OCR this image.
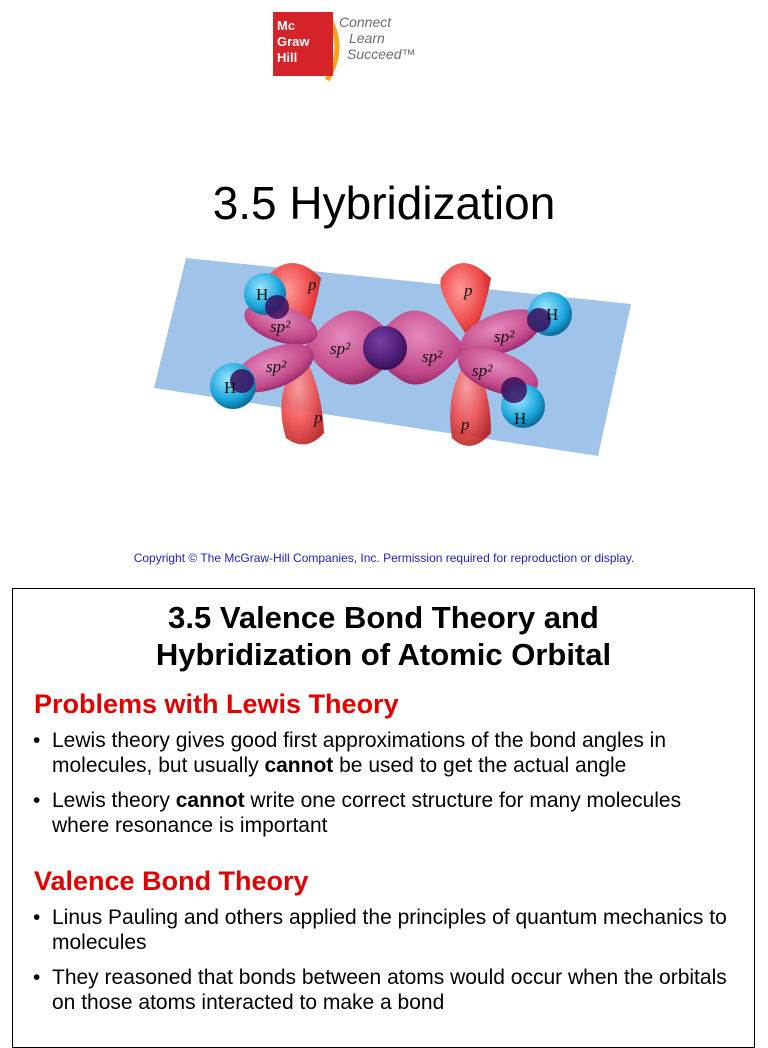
Mc
Graw
Hill
Connect
Learn
Succeed™
3.5 Hybridization
H
H
H
H
p
p
p
p
sp²
sp²
sp²	sp²
sp²
sp²
Copyright © The McGraw-Hill Companies, Inc. Permission required for reproduction or display.
3.5 Valence Bond Theory and
Hybridization of Atomic Orbital
Problems with Lewis Theory
• Lewis theory gives good first approximations of the bond angles in molecules, but usually cannot be used to get the actual angle
• Lewis theory cannot write one correct structure for many molecules where resonance is important
Valence Bond Theory
• Linus Pauling and others applied the principles of quantum mechanics to molecules
• They reasoned that bonds between atoms would occur when the orbitals on those atoms interacted to make a bond
